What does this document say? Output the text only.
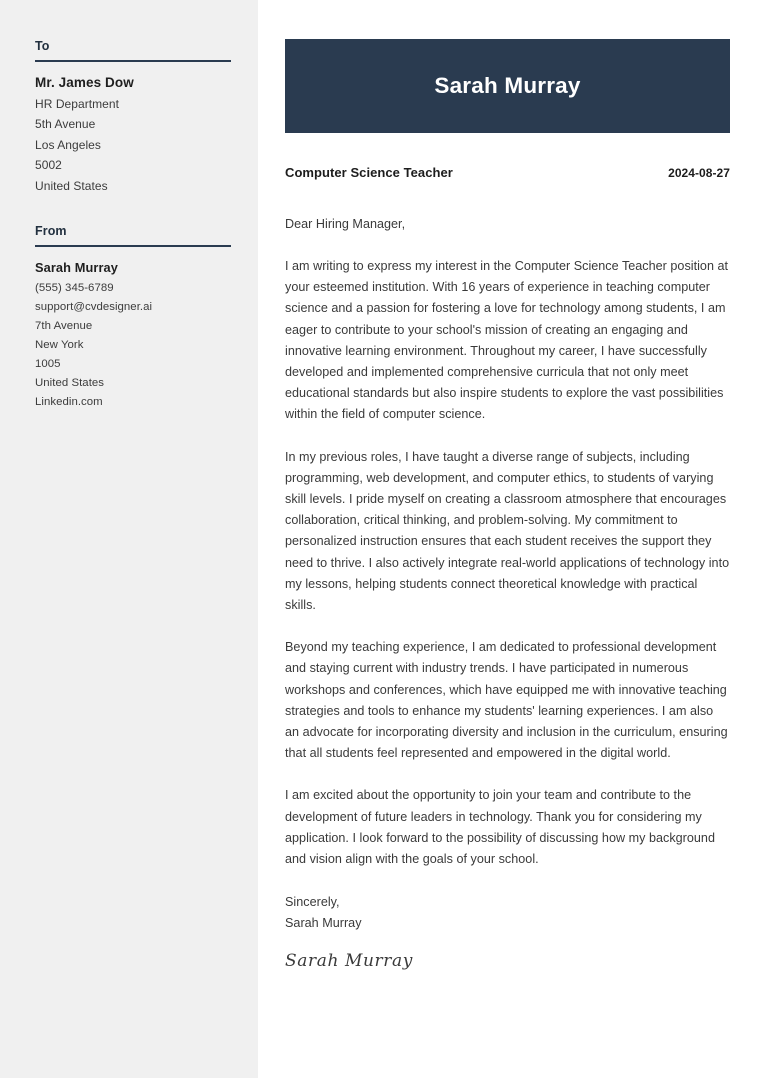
To
Mr. James Dow
HR Department
5th Avenue
Los Angeles
5002
United States
From
Sarah Murray
(555) 345-6789
support@cvdesigner.ai
7th Avenue
New York
1005
United States
Linkedin.com
Sarah Murray
Computer Science Teacher	2024-08-27
Dear Hiring Manager,

I am writing to express my interest in the Computer Science Teacher position at your esteemed institution. With 16 years of experience in teaching computer science and a passion for fostering a love for technology among students, I am eager to contribute to your school's mission of creating an engaging and innovative learning environment. Throughout my career, I have successfully developed and implemented comprehensive curricula that not only meet educational standards but also inspire students to explore the vast possibilities within the field of computer science.

In my previous roles, I have taught a diverse range of subjects, including programming, web development, and computer ethics, to students of varying skill levels. I pride myself on creating a classroom atmosphere that encourages collaboration, critical thinking, and problem-solving. My commitment to personalized instruction ensures that each student receives the support they need to thrive. I also actively integrate real-world applications of technology into my lessons, helping students connect theoretical knowledge with practical skills.

Beyond my teaching experience, I am dedicated to professional development and staying current with industry trends. I have participated in numerous workshops and conferences, which have equipped me with innovative teaching strategies and tools to enhance my students' learning experiences. I am also an advocate for incorporating diversity and inclusion in the curriculum, ensuring that all students feel represented and empowered in the digital world.

I am excited about the opportunity to join your team and contribute to the development of future leaders in technology. Thank you for considering my application. I look forward to the possibility of discussing how my background and vision align with the goals of your school.

Sincerely,
Sarah Murray
Sarah Murray
